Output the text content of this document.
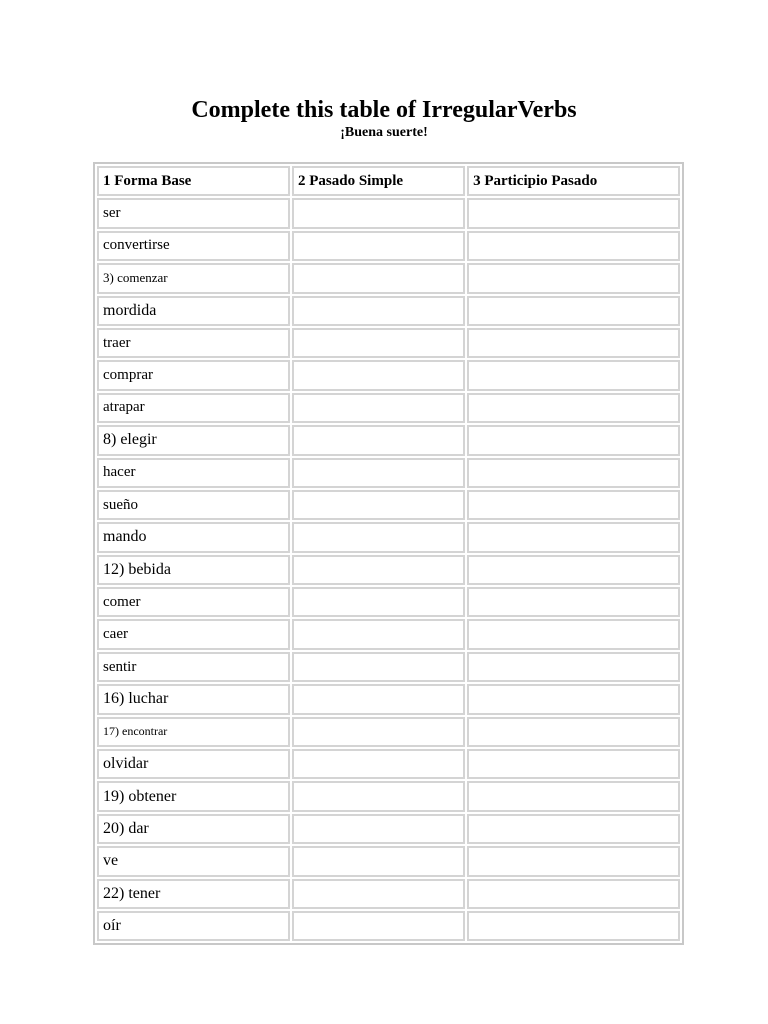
Complete this table of IrregularVerbs
¡Buena suerte!
1 Forma Base	2 Pasado Simple	3 Participio Pasado
ser		
convertirse		
3) comenzar		
mordida		
traer		
comprar		
atrapar		
8) elegir		
hacer		
sueño		
mando		
12) bebida		
comer		
caer		
sentir		
16) luchar		
17) encontrar		
olvidar		
19) obtener		
20) dar		
ve		
22) tener		
oír		
